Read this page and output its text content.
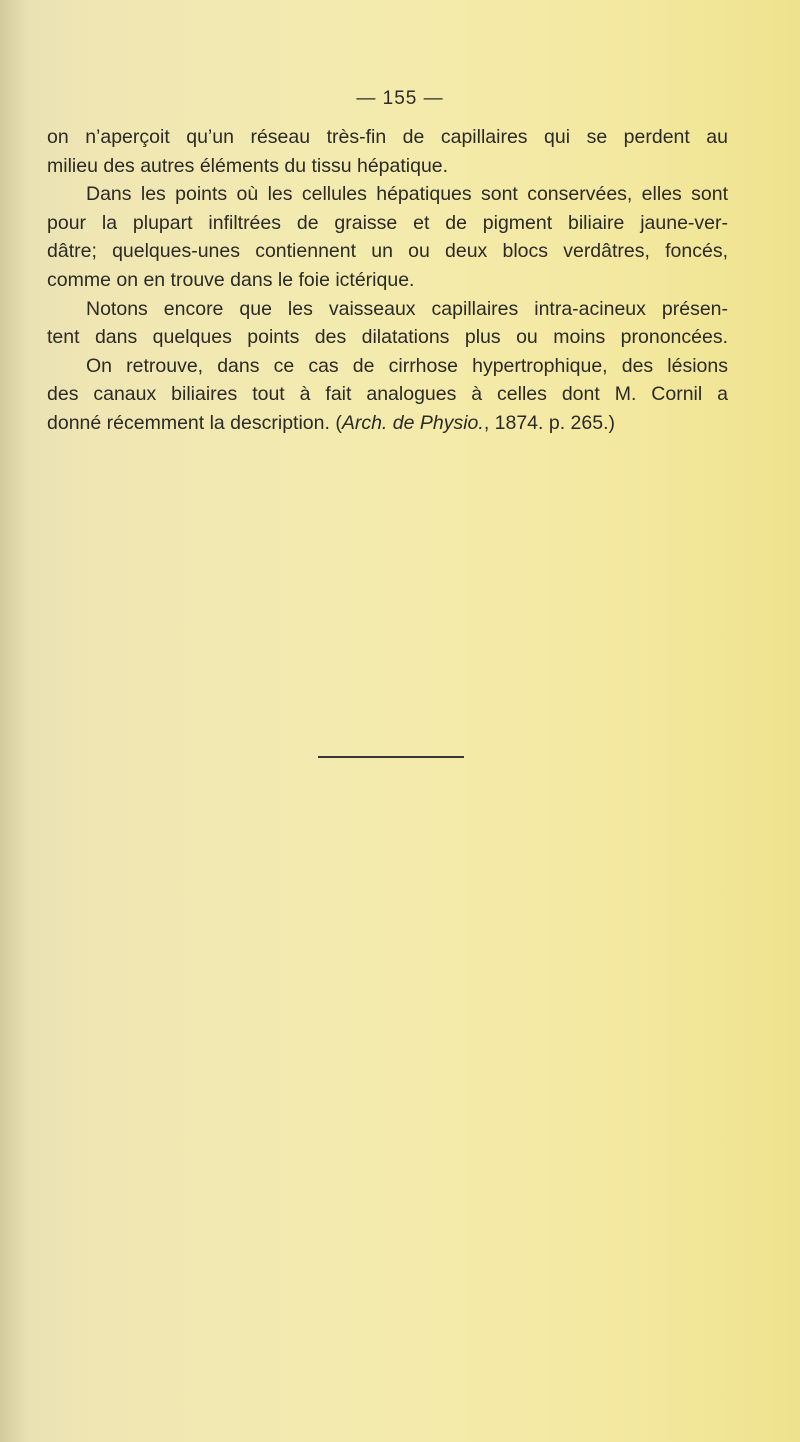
— 155 —
on n’aperçoit qu’un réseau très-fin de capillaires qui se perdent au
milieu des autres éléments du tissu hépatique.
Dans les points où les cellules hépatiques sont conservées, elles sont
pour la plupart infiltrées de graisse et de pigment biliaire jaune-ver-
dâtre; quelques-unes contiennent un ou deux blocs verdâtres, foncés,
comme on en trouve dans le foie ictérique.
Notons encore que les vaisseaux capillaires intra-acineux présen-
tent dans quelques points des dilatations plus ou moins prononcées.
On retrouve, dans ce cas de cirrhose hypertrophique, des lésions
des canaux biliaires tout à fait analogues à celles dont M. Cornil a
donné récemment la description. (Arch. de Physio., 1874. p. 265.)
